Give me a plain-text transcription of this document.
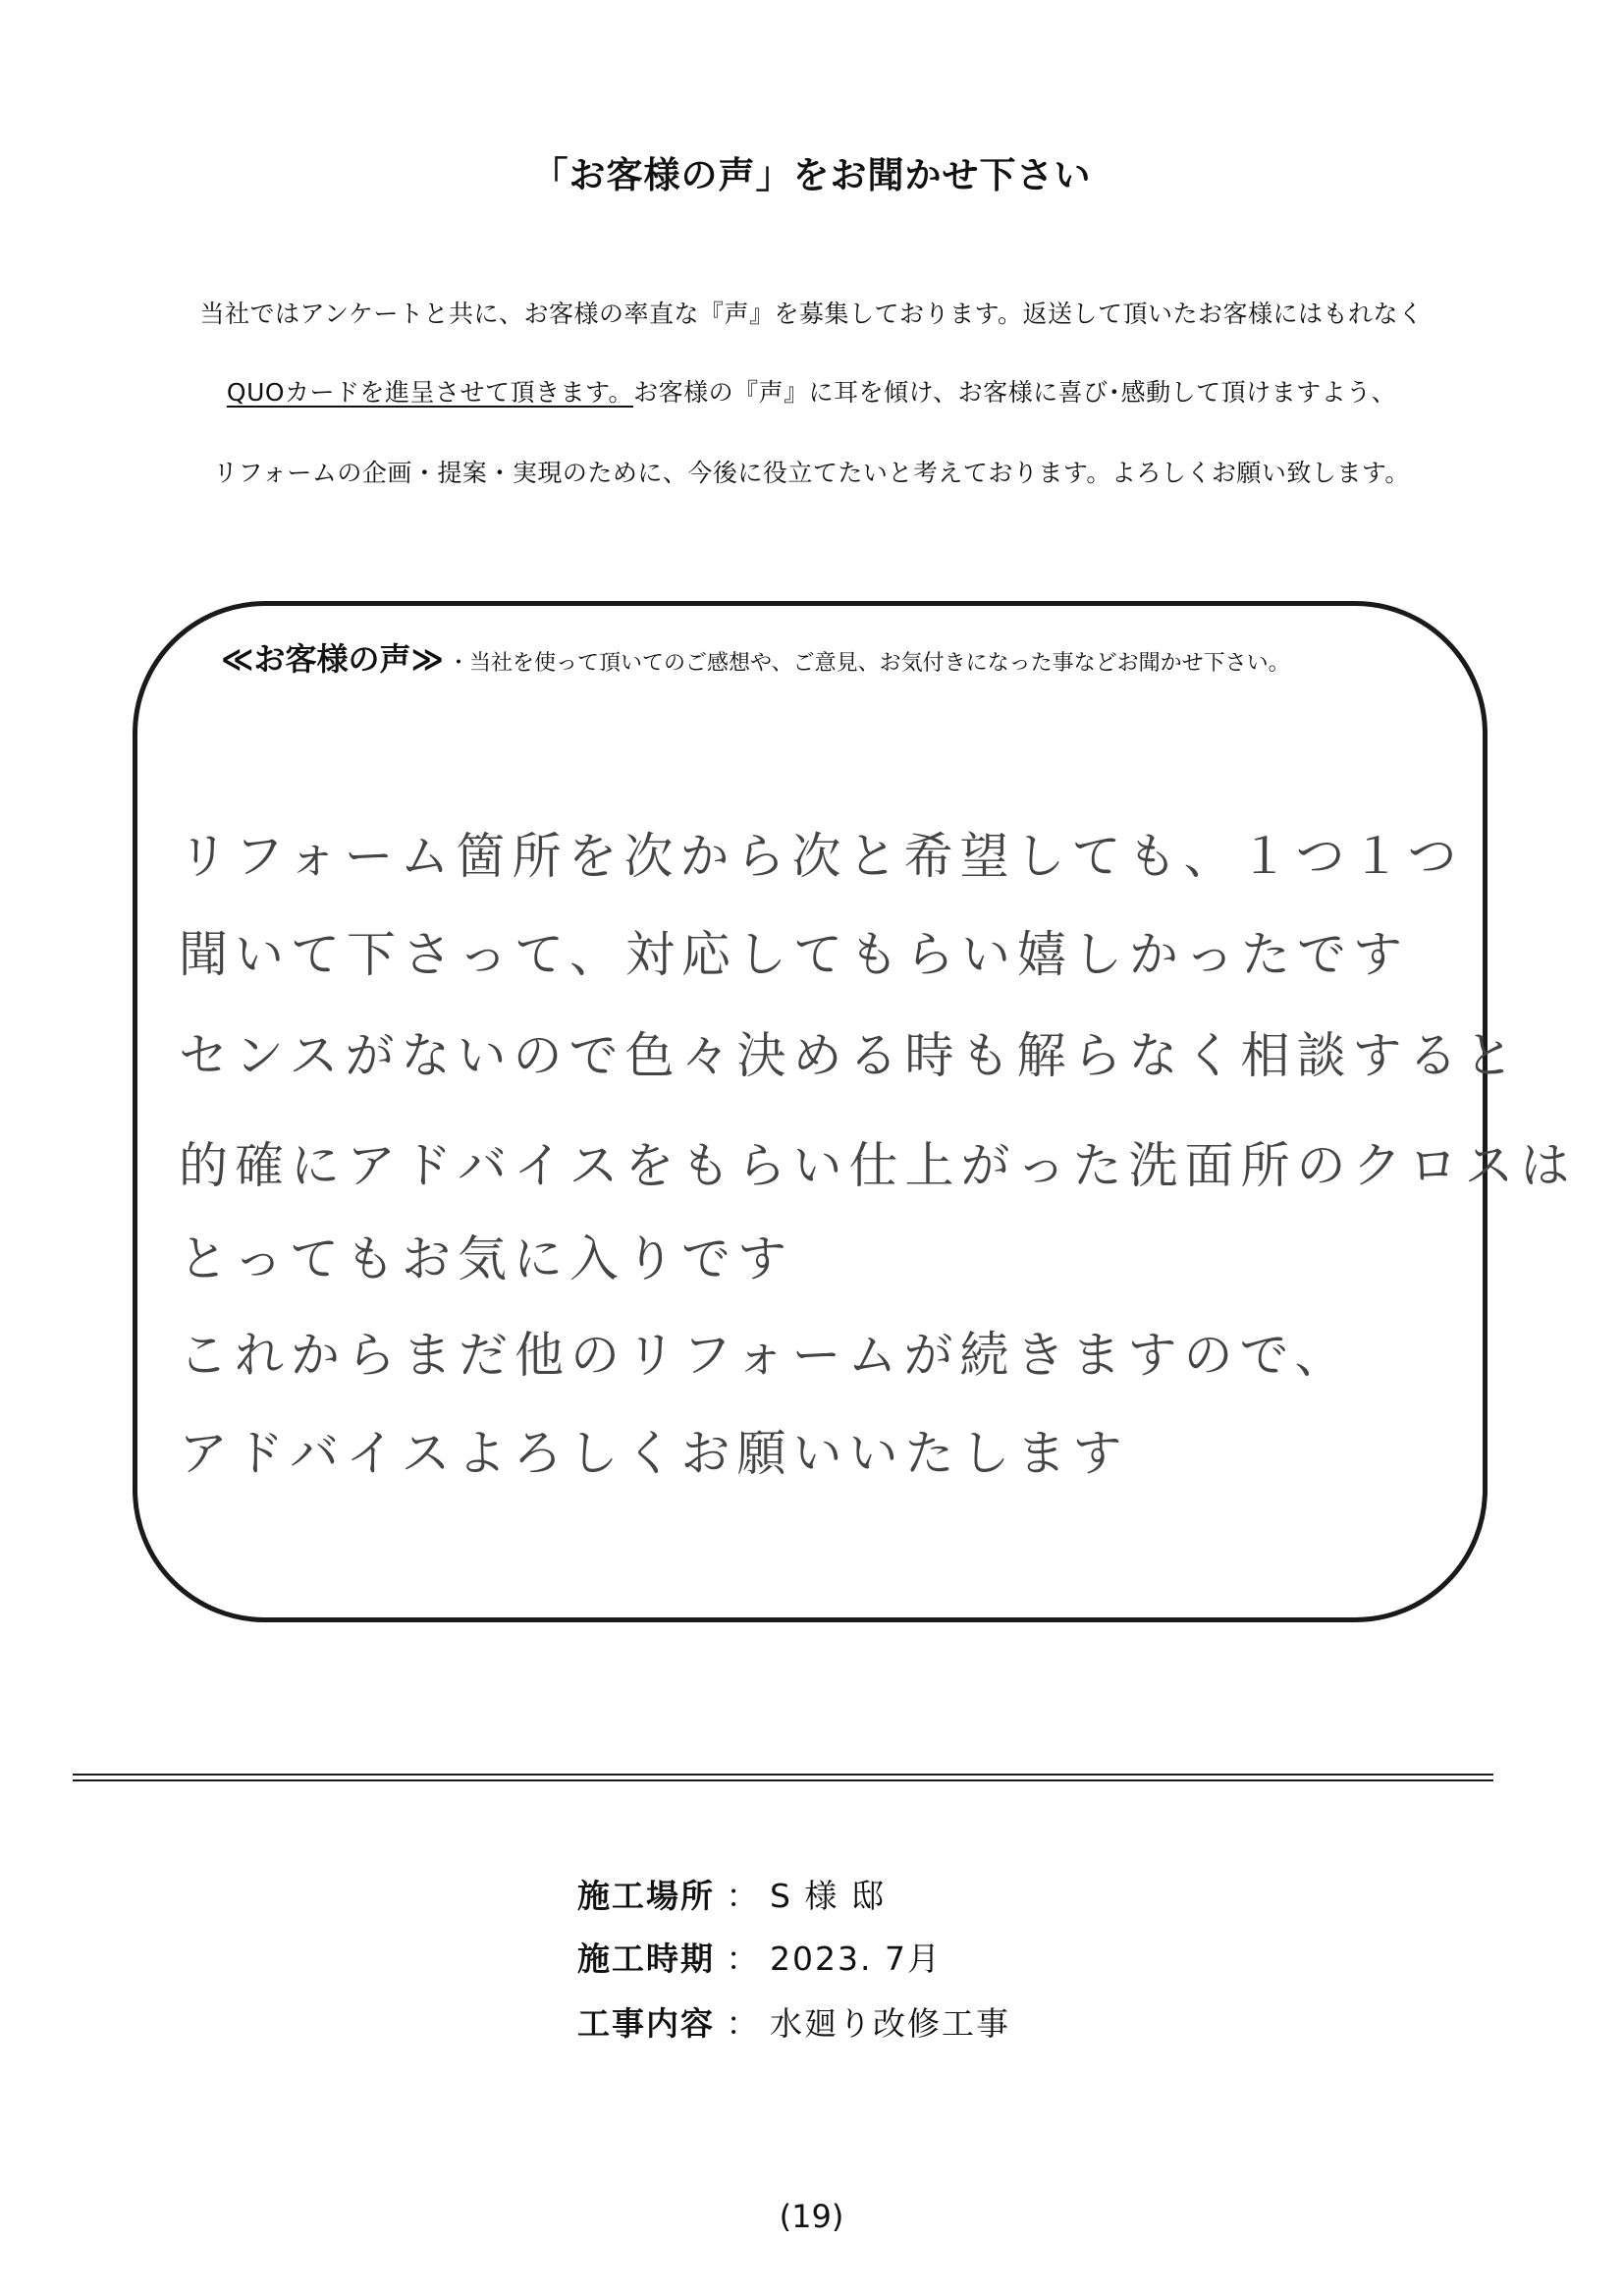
「お客様の声」をお聞かせ下さい
当社ではアンケートと共に、お客様の率直な『声』を募集しております。返送して頂いたお客様にはもれなく
QUOカードを進呈させて頂きます。お客様の『声』に耳を傾け、お客様に喜び･感動して頂けますよう、
リフォームの企画・提案・実現のために、今後に役立てたいと考えております。よろしくお願い致します。
≪お客様の声≫ ・当社を使って頂いてのご感想や、ご意見、お気付きになった事などお聞かせ下さい。
リフォーム箇所を次から次と希望しても、１つ１つ
聞いて下さって、対応してもらい嬉しかったです
センスがないので色々決める時も解らなく相談すると
的確にアドバイスをもらい仕上がった洗面所のクロスは
とってもお気に入りです
これからまだ他のリフォームが続きますので、
アドバイスよろしくお願いいたします
施工場所 ： S 様 邸
施工時期 ： 2023. 7月
工事内容 ： 水廻り改修工事
(19)
